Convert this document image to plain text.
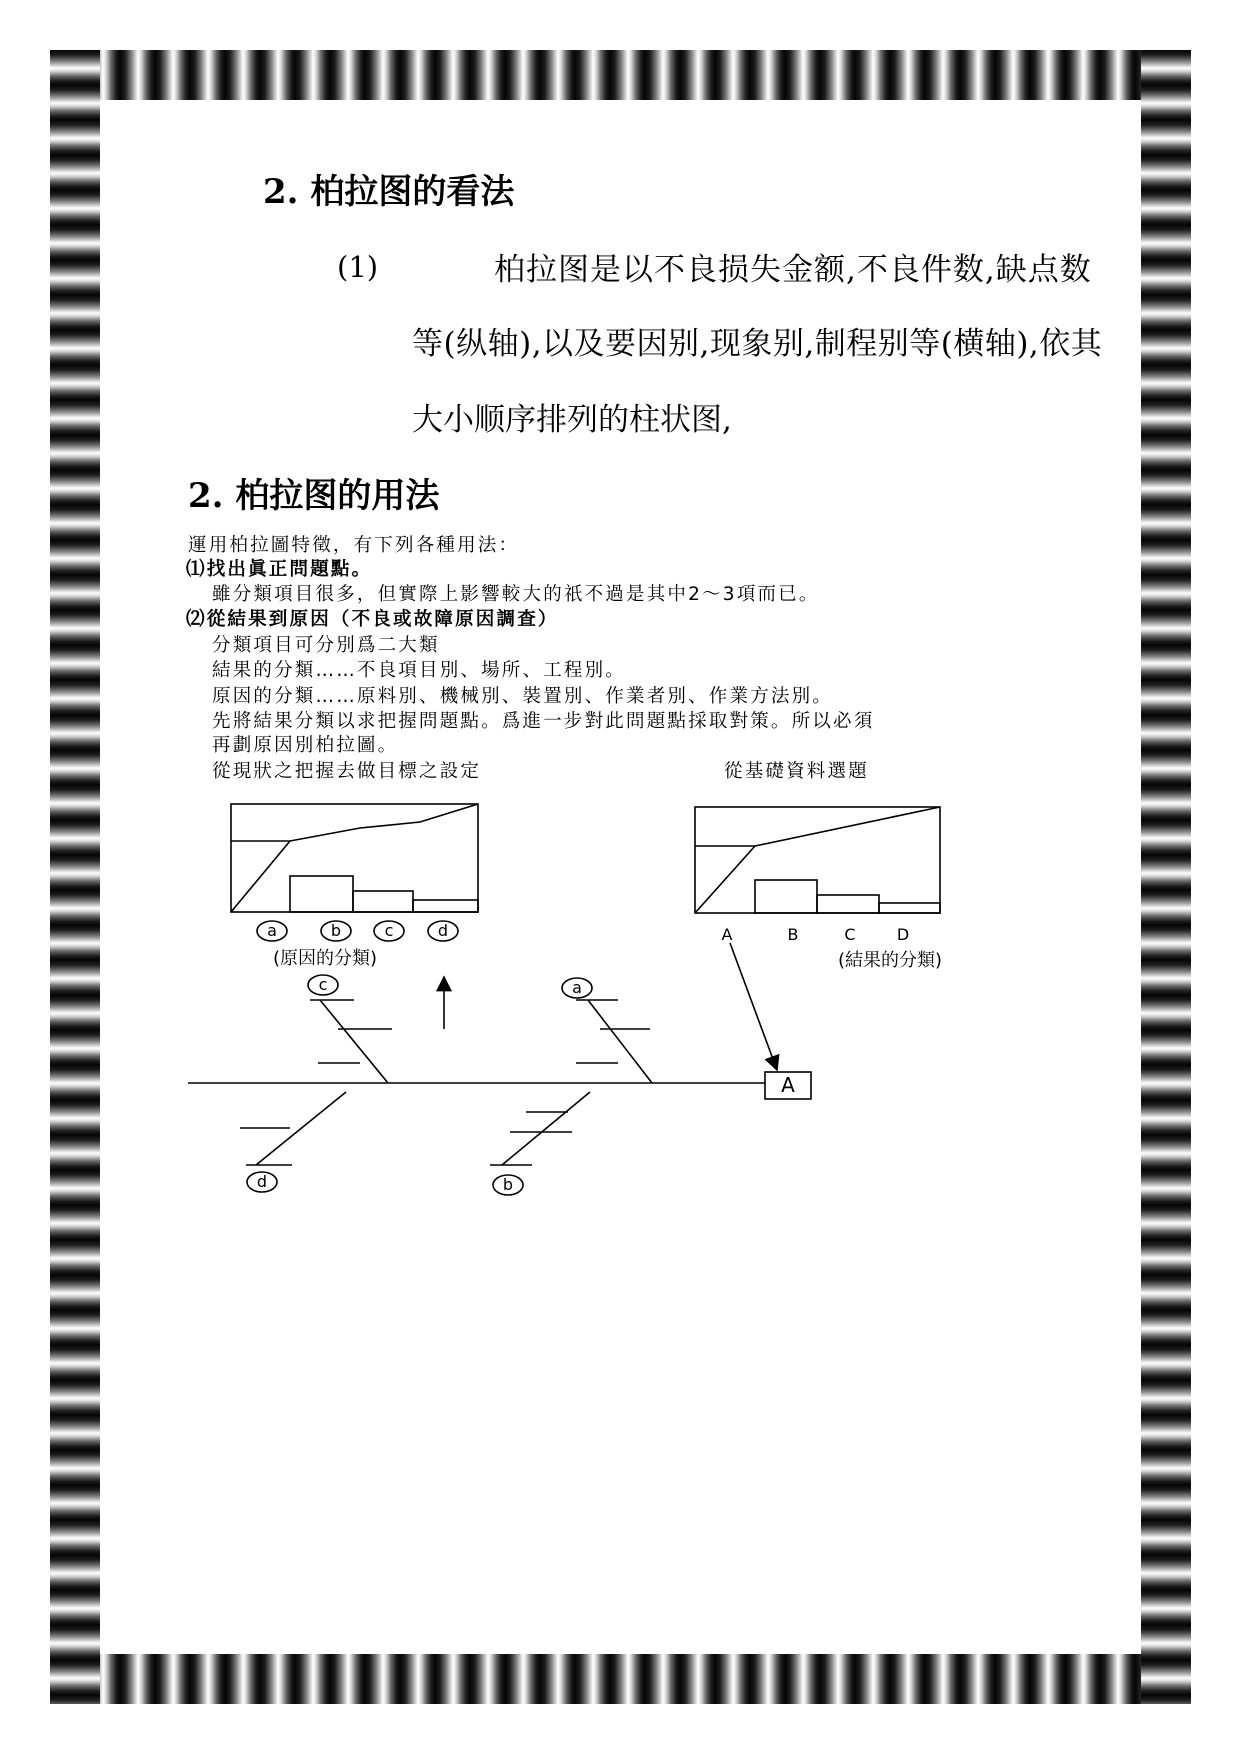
2. 柏拉图的看法
(1)	柏拉图是以不良损失金额,不良件数,缺点数
等(纵轴),以及要因别,现象别,制程别等(横轴),依其
大小顺序排列的柱状图,
2. 柏拉图的用法
運用柏拉圖特徵，有下列各種用法：
⑴找出眞正問題點。
雖分類項目很多，但實際上影響較大的祇不過是其中2～3項而已。
⑵從結果到原因（不良或故障原因調查）
分類項目可分別爲二大類
結果的分類……不良項目別、場所、工程別。
原因的分類……原料別、機械別、裝置別、作業者別、作業方法別。
先將結果分類以求把握問題點。爲進一步對此問題點採取對策。所以必須
再劃原因別柏拉圖。
從現狀之把握去做目標之設定	從基礎資料選題
a	b	c	d
(原因的分類)
A	B	C	D
(結果的分類)
A
c	a
d	b
